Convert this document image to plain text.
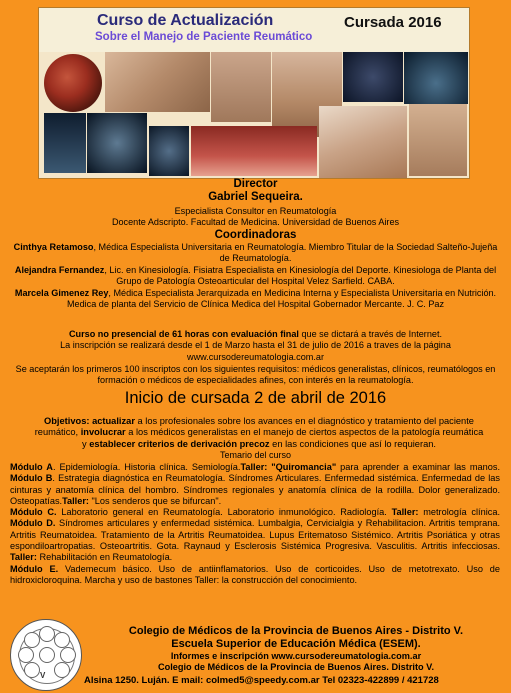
Curso de Actualización
Sobre el Manejo de Paciente Reumático
Cursada 2016
Director
Gabriel Sequeira.
Especialista Consultor en Reumatología
Docente Adscripto. Facultad de Medicina. Universidad de Buenos Aires
Coordinadoras

Cinthya Retamoso, Médica Especialista Universitaria en Reumatología. Miembro Titular de la Sociedad Salteño-Jujeña de Reumatología.

Alejandra Fernandez, Lic. en Kinesiología. Fisiatra Especialista en Kinesiología del Deporte. Kinesiologa de Planta del Grupo de Patología Osteoarticular del Hospital Velez Sarfield. CABA.

Marcela Gimenez Rey, Médica Especialista Jerarquizada en Medicina Interna y Especialista Universitaria en Nutrición. Medica de planta del Servicio de Clínica Medica del Hospital Gobernador Mercante. J. C. Paz

Curso no presencial de 61 horas con evaluación final que se dictará a través de Internet.

La inscripción se realizará desde el 1 de Marzo hasta el 31 de julio de 2016 a traves de la página

www.cursodereumatologia.com.ar

Se aceptarán los primeros 100 inscriptos con los siguientes requisitos: médicos generalistas, clínicos, reumatólogos en formación o médicos de especialidades afines, con interés en la reumatología.

Inicio de cursada 2 de abril de 2016
Objetivos: actualizar a los profesionales sobre los avances en el diagnóstico y tratamiento del paciente reumático, involucrar a los médicos generalistas en el manejo de ciertos aspectos de la patología reumática y establecer criterios de derivación precoz en las condiciones que así lo requieran.
Temario del curso

Módulo A. Epidemiología. Historia clínica. Semiología.Taller: "Quiromancia" para aprender a examinar las manos. Módulo B. Estrategia diagnóstica en Reumatología. Síndromes Articulares. Enfermedad sistémica. Enfermedad de las cinturas y anatomía clínica del hombro. Síndromes regionales y anatomía clínica de la rodilla. Dolor generalizado. Osteopatías.Taller: "Los senderos que se bifurcan".

Módulo C. Laboratorio general en Reumatología. Laboratorio inmunológico. Radiología. Taller: metrología clínica. Módulo D. Síndromes articulares y enfermedad sistémica. Lumbalgia, Cervicialgia y Rehabilitacion. Artritis temprana. Artritis Reumatoidea. Tratamiento de la Artritis Reumatoidea. Lupus Eritematoso Sistémico. Artritis Psoriática y otras espondiloartropatias. Osteoartritis. Gota. Raynaud y Esclerosis Sistémica Progresiva. Vasculitis. Artritis infecciosas. Taller: Rehabilitación en Reumatología.

Módulo E. Vademecum básico. Uso de antiinflamatorios. Uso de corticoides. Uso de metotrexato. Uso de hidroxicloroquina. Marcha y uso de bastones Taller: la construcción del conocimiento.

V
Colegio de Médicos de la Provincia de Buenos Aires - Distrito V.
Escuela Superior de Educación Médica (ESEM).
Informes e inscripción www.cursodereumatologia.com.ar
Colegio de Médicos de la Provincia de Buenos Aires. Distrito V.
Alsina 1250. Luján. E mail: colmed5@speedy.com.ar Tel 02323-422899 / 421728
